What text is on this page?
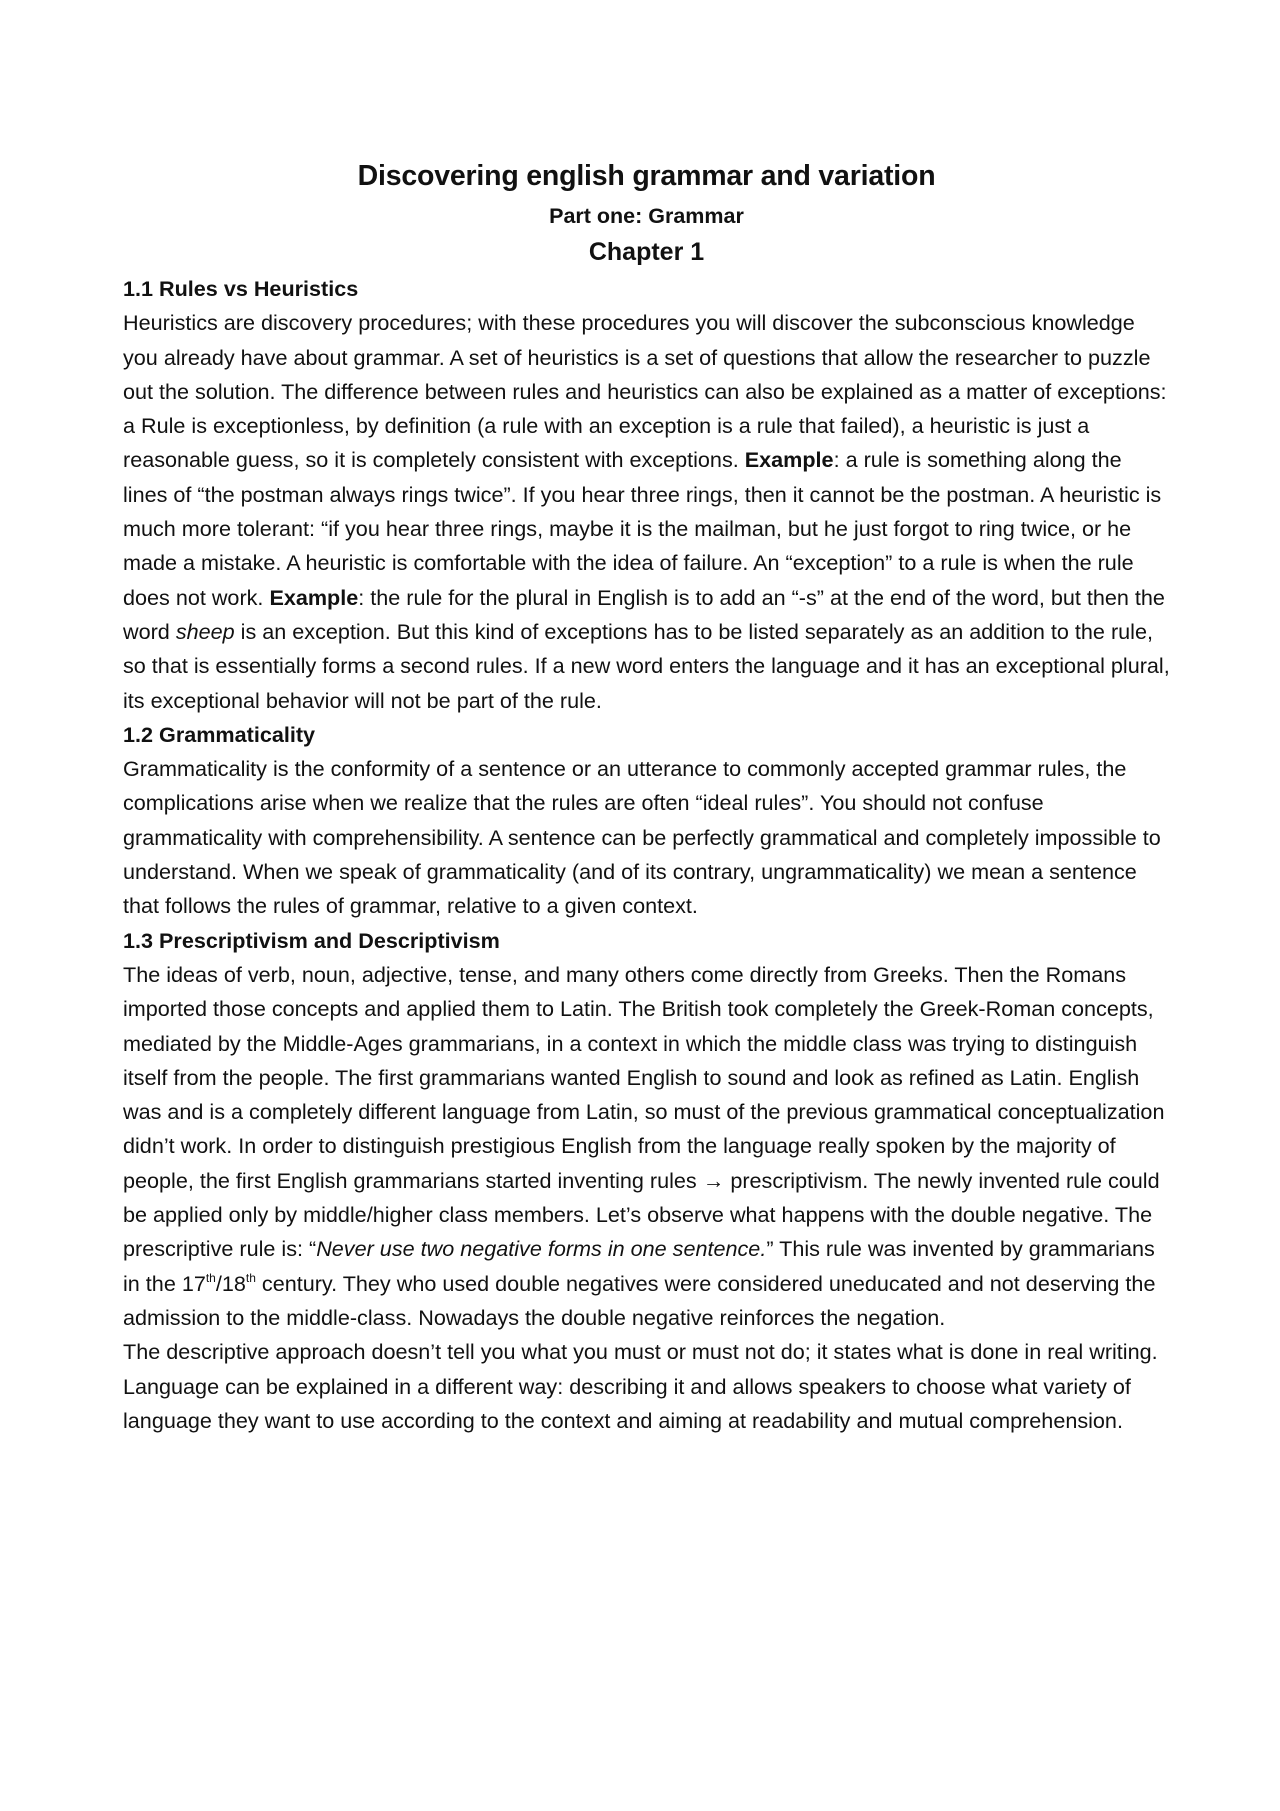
Discovering english grammar and variation
Part one: Grammar
Chapter 1
1.1 Rules vs Heuristics

Heuristics are discovery procedures; with these procedures you will discover the subconscious knowledge you already have about grammar. A set of heuristics is a set of questions that allow the researcher to puzzle out the solution. The difference between rules and heuristics can also be explained as a matter of exceptions: a Rule is exceptionless, by definition (a rule with an exception is a rule that failed), a heuristic is just a reasonable guess, so it is completely consistent with exceptions. Example: a rule is something along the lines of “the postman always rings twice”. If you hear three rings, then it cannot be the postman. A heuristic is much more tolerant: “if you hear three rings, maybe it is the mailman, but he just forgot to ring twice, or he made a mistake. A heuristic is comfortable with the idea of failure. An “exception” to a rule is when the rule does not work. Example: the rule for the plural in English is to add an “-s” at the end of the word, but then the word sheep is an exception. But this kind of exceptions has to be listed separately as an addition to the rule, so that is essentially forms a second rules. If a new word enters the language and it has an exceptional plural, its exceptional behavior will not be part of the rule.

1.2 Grammaticality

Grammaticality is the conformity of a sentence or an utterance to commonly accepted grammar rules, the complications arise when we realize that the rules are often “ideal rules”. You should not confuse grammaticality with comprehensibility. A sentence can be perfectly grammatical and completely impossible to understand. When we speak of grammaticality (and of its contrary, ungrammaticality) we mean a sentence that follows the rules of grammar, relative to a given context.

1.3 Prescriptivism and Descriptivism

The ideas of verb, noun, adjective, tense, and many others come directly from Greeks. Then the Romans imported those concepts and applied them to Latin. The British took completely the Greek-Roman concepts, mediated by the Middle-Ages grammarians, in a context in which the middle class was trying to distinguish itself from the people. The first grammarians wanted English to sound and look as refined as Latin. English was and is a completely different language from Latin, so must of the previous grammatical conceptualization didn’t work. In order to distinguish prestigious English from the language really spoken by the majority of people, the first English grammarians started inventing rules → prescriptivism. The newly invented rule could be applied only by middle/higher class members. Let’s observe what happens with the double negative. The prescriptive rule is: “Never use two negative forms in one sentence.” This rule was invented by grammarians in the 17th/18th century. They who used double negatives were considered uneducated and not deserving the admission to the middle-class. Nowadays the double negative reinforces the negation.

The descriptive approach doesn’t tell you what you must or must not do; it states what is done in real writing. Language can be explained in a different way: describing it and allows speakers to choose what variety of language they want to use according to the context and aiming at readability and mutual comprehension.
